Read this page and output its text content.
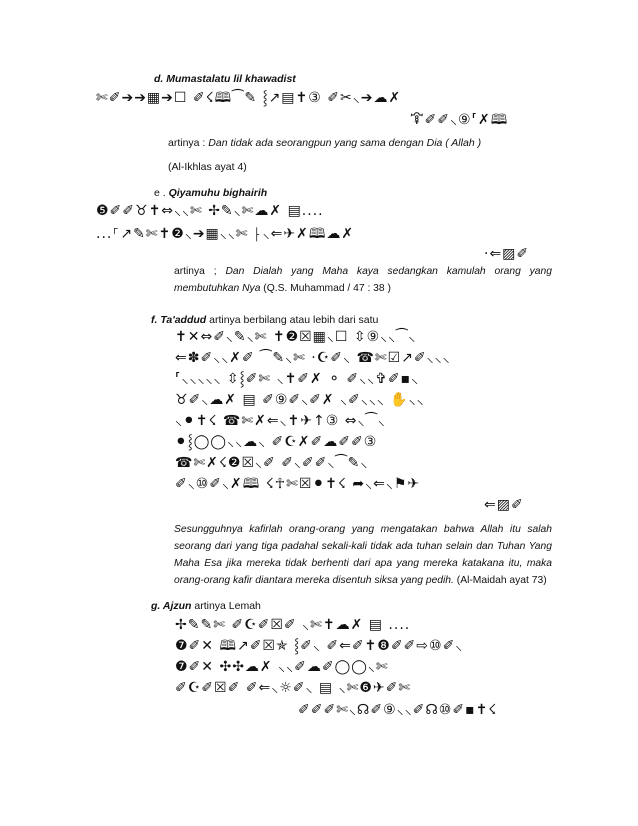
d. Mumastalatu lil khawadist
✄✐➔➔▦➔☐ ✐☇🕮⁀✎ ⸾↗▤✝③ ✐✂⸜➔☁✗
🜒✐✐⸜⑨⸢✗🕮
artinya : Dan tidak ada seorangpun yang sama dengan Dia ( Allah )
(Al-Ikhlas ayat 4)
e . Qiyamuhu bighairih
❺✐✐♉✝⇔⸜⸜✄ ✢✎⸜✄☁✗ ▤....
...⸀↗✎✄✝❷⸜➔▦⸜⸜✄ ⸠⸜⇐✈✗🕮☁✗
·⇐▨✐
artinya ; Dan Dialah yang Maha kaya sedangkan kamulah orang yang membutuhkan Nya (Q.S. Muhammad / 47 : 38 )
f. Ta'addud artinya berbilang atau lebih dari satu
✝✕⇔✐⸜✎⸜✄ ✝❷☒▦⸜☐ ⇳⑨⸜⸜⁀⸜
⇐✽✐⸜⸜✗✐ ⁀✎⸜✄ ·☪✐⸜ ☎✄☑↗✐⸜⸜⸜
⸢⸜⸜⸜⸜⸜ ⇳⸾✐✄ ⸜✝✐✗ ⚬ ✐⸜⸜✞✐▪⸜
♉✐⸜☁✗ ▤ ✐⑨✐⸜✐✗ ⸜✐⸜⸜⸜ ✋⸜⸜
⸜⚫✝☇ ☎✄✗⇐⸜✝✈↑③ ⇔⸜⁀⸜
⚫⸾◯◯⸜⸜☁⸜ ✐☪✗✐☁✐✐③
☎✄✗☇❷☒⸜✐ ✐⸜✐✐⸜⁀✎⸜
✐⸜⑩✐⸜✗🕮 ☇☥✄☒⚫✝☇ ➦⸜⇐⸜⚑✈
⇐▨✐
Sesungguhnya kafirlah orang-orang yang mengatakan bahwa Allah itu salah seorang dari yang tiga padahal sekali-kali tidak ada tuhan selain dan Tuhan Yang Maha Esa jika mereka tidak berhenti dari apa yang mereka katakana itu, maka orang-orang kafir diantara mereka disentuh siksa yang pedih. (Al-Maidah ayat 73)
g. Ajzun artinya Lemah
✢✎✎✄ ✐☪✐☒✐ ⸜✄✝☁✗ ▤ ....
❼✐✕ 🕮↗✐☒✯ ⸾✐⸜ ✐⇐✐✝❽✐✐⇨⑩✐⸜
❼✐✕ ✣✣☁✗ ⸜⸜✐☁✐◯◯⸜✄
✐☪✐☒✐ ✐⇐⸜☼✐⸜ ▤ ⸜✄❻✈✐✄
✐✐✐✄⸜☊✐⑨⸜⸜✐☊⑩✐▪✝☇
